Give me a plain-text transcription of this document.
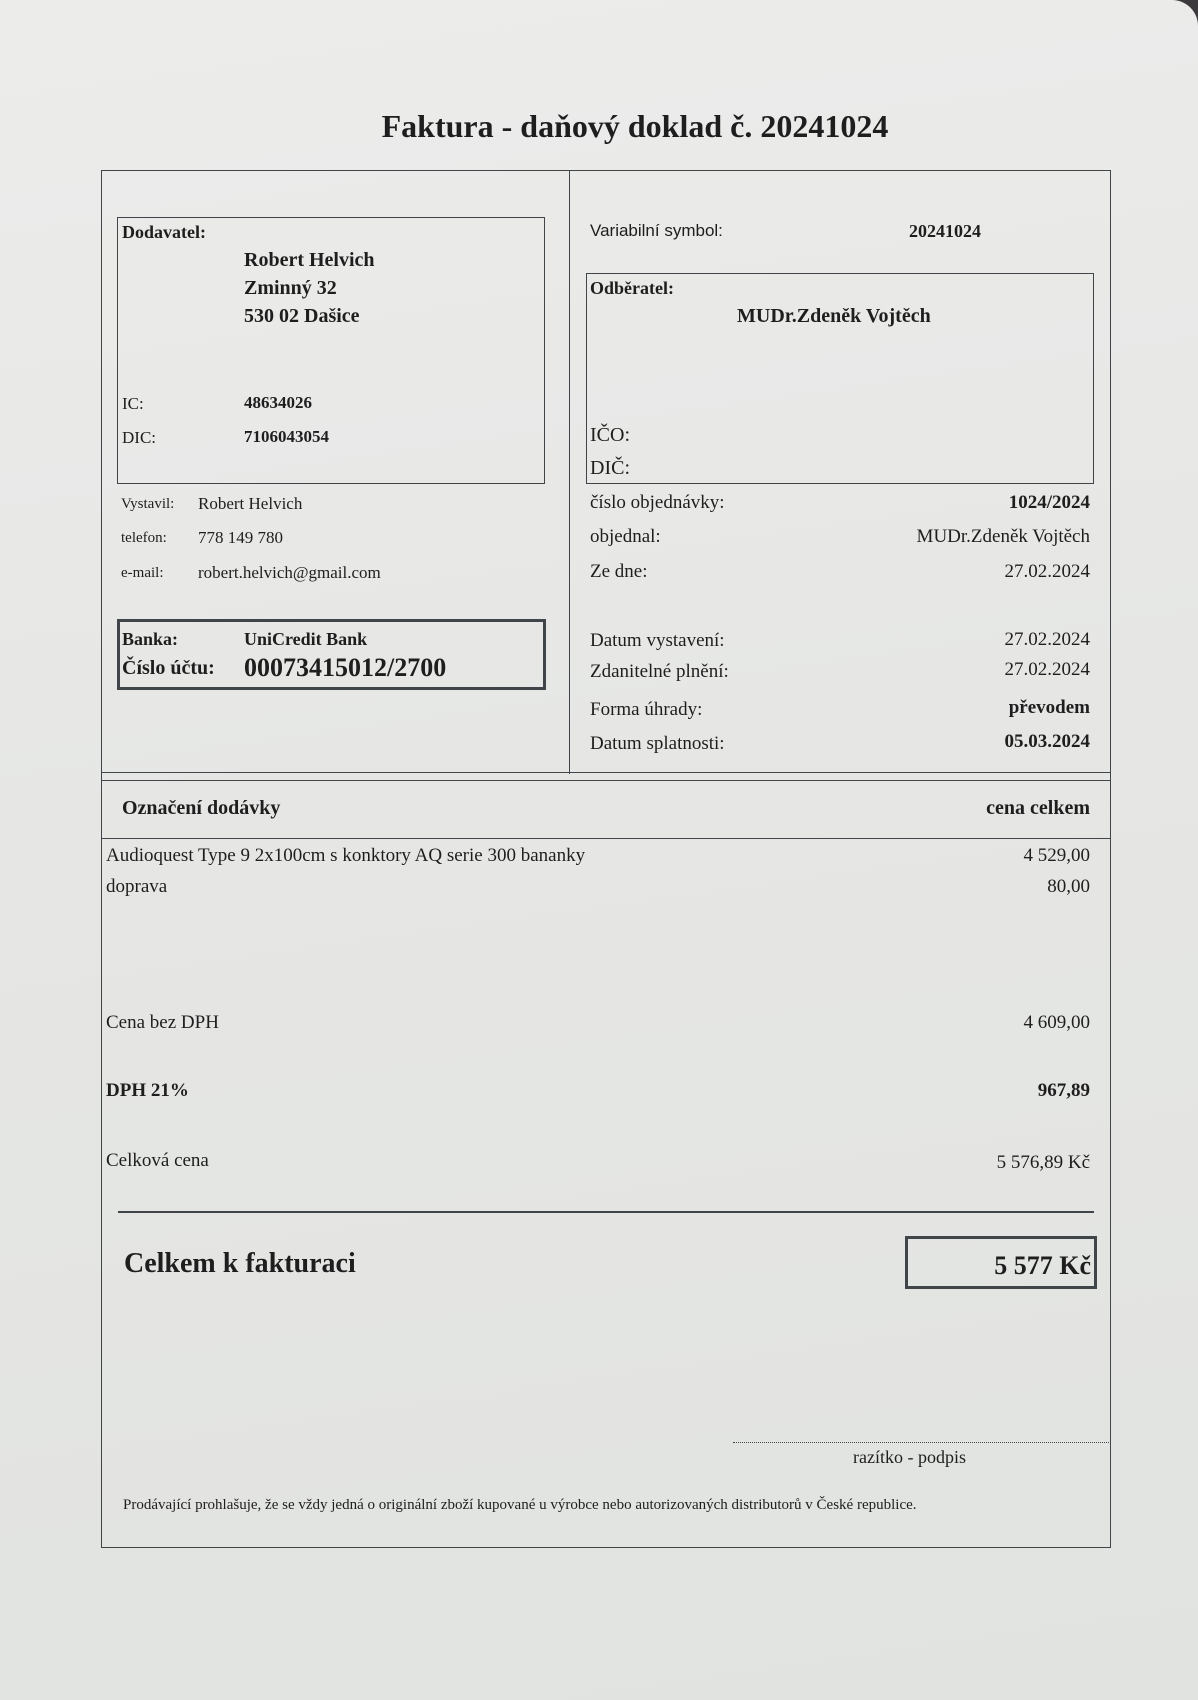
Faktura - daňový doklad č. 20241024
Dodavatel:
Robert Helvich
Zminný 32
530 02 Dašice
IC:	48634026
DIC:	7106043054
Vystavil: Robert Helvich
telefon: 778 149 780
e-mail: robert.helvich@gmail.com
Banka:	UniCredit Bank
Číslo účtu: 00073415012/2700
Variabilní symbol:	20241024
Odběratel:
MUDr.Zdeněk Vojtěch
IČO:
DIČ:
číslo objednávky:	1024/2024
objednal:	MUDr.Zdeněk Vojtěch
Ze dne:	27.02.2024
Datum vystavení:	27.02.2024
Zdanitelné plnění:	27.02.2024
Forma úhrady:	převodem
Datum splatnosti:	05.03.2024
Označení dodávky	cena celkem
Audioquest Type 9 2x100cm s konktory AQ serie 300 bananky	4 529,00
doprava	80,00
Cena bez DPH	4 609,00
DPH 21%	967,89
Celková cena	5 576,89 Kč
Celkem k fakturaci	5 577 Kč
razítko - podpis
Prodávající prohlašuje, že se vždy jedná o originální zboží kupované u výrobce nebo autorizovaných distributorů v České republice.
